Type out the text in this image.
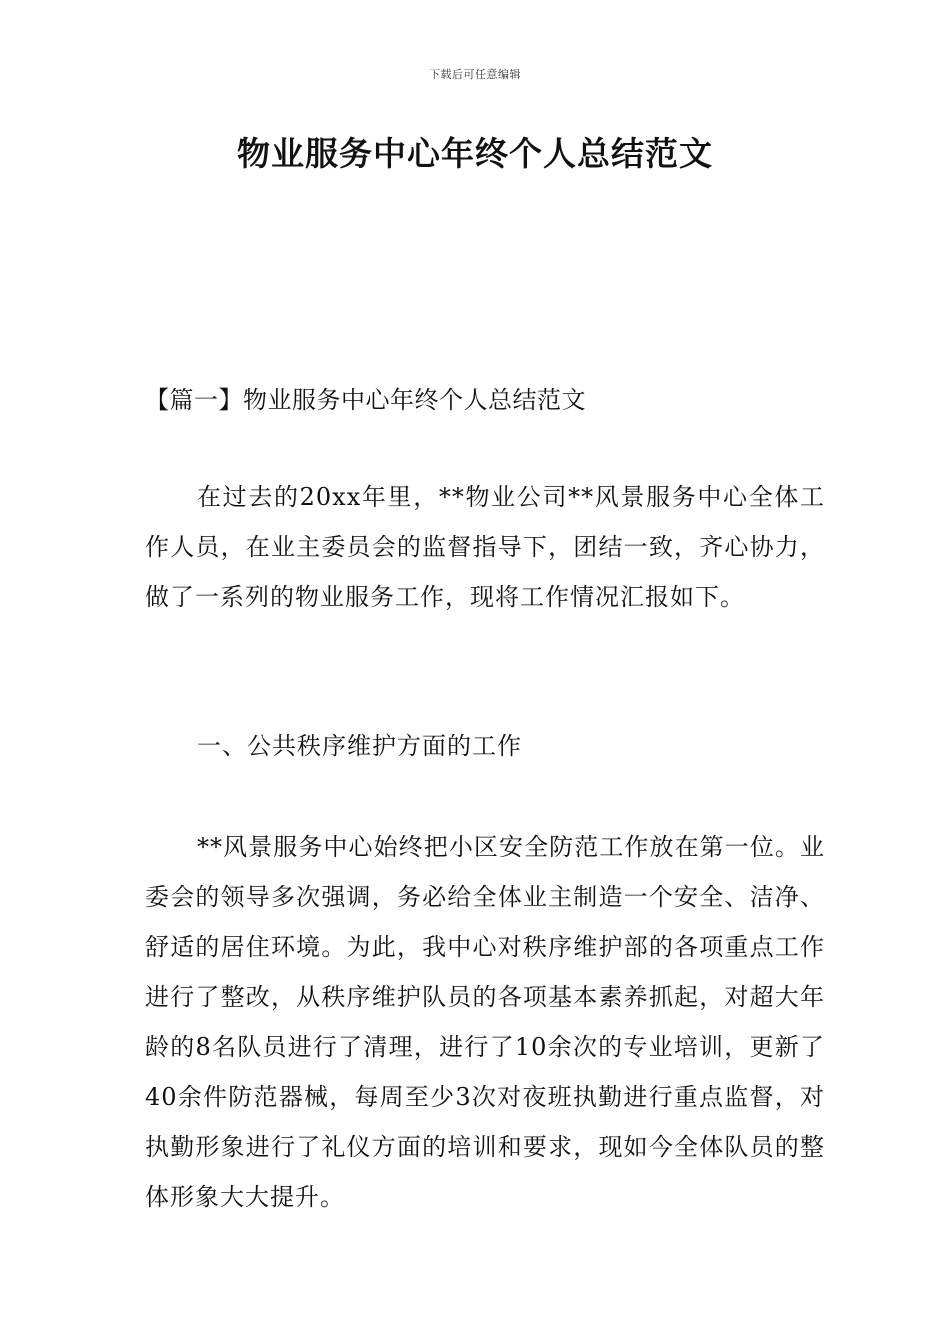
下载后可任意编辑
物业服务中心年终个人总结范文
【篇一】物业服务中心年终个人总结范文
在过去的20xx年里，**物业公司**风景服务中心全体工作人员，在业主委员会的监督指导下，团结一致，齐心协力，做了一系列的物业服务工作，现将工作情况汇报如下。
一、公共秩序维护方面的工作
**风景服务中心始终把小区安全防范工作放在第一位。业委会的领导多次强调，务必给全体业主制造一个安全、洁净、舒适的居住环境。为此，我中心对秩序维护部的各项重点工作进行了整改，从秩序维护队员的各项基本素养抓起，对超大年龄的8名队员进行了清理，进行了10余次的专业培训，更新了40余件防范器械，每周至少3次对夜班执勤进行重点监督，对执勤形象进行了礼仪方面的培训和要求，现如今全体队员的整体形象大大提升。
